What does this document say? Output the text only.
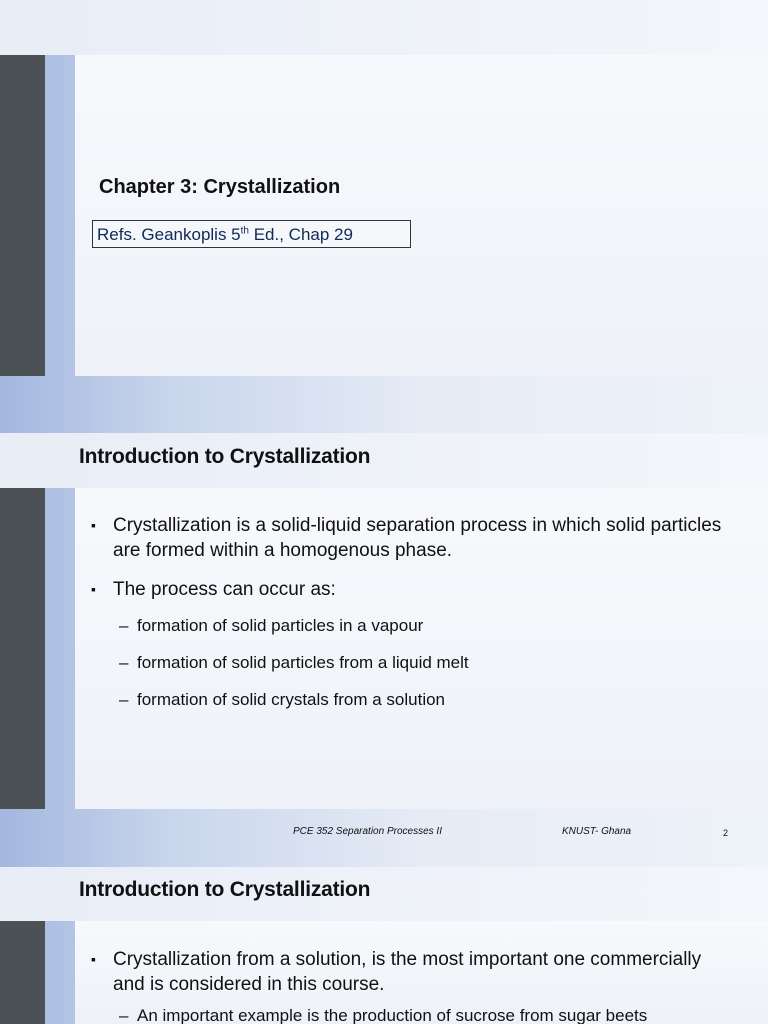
Chapter 3: Crystallization
Refs. Geankoplis 5th Ed., Chap 29
Introduction to Crystallization
▪ Crystallization is a solid-liquid separation process in which solid particles are formed within a homogenous phase.
▪ The process can occur as:
– formation of solid particles in a vapour
– formation of solid particles from a liquid melt
– formation of solid crystals from a solution
PCE 352 Separation Processes II	KNUST- Ghana	2
Introduction to Crystallization
▪ Crystallization from a solution, is the most important one commercially and is considered in this course.
– An important example is the production of sucrose from sugar beets
